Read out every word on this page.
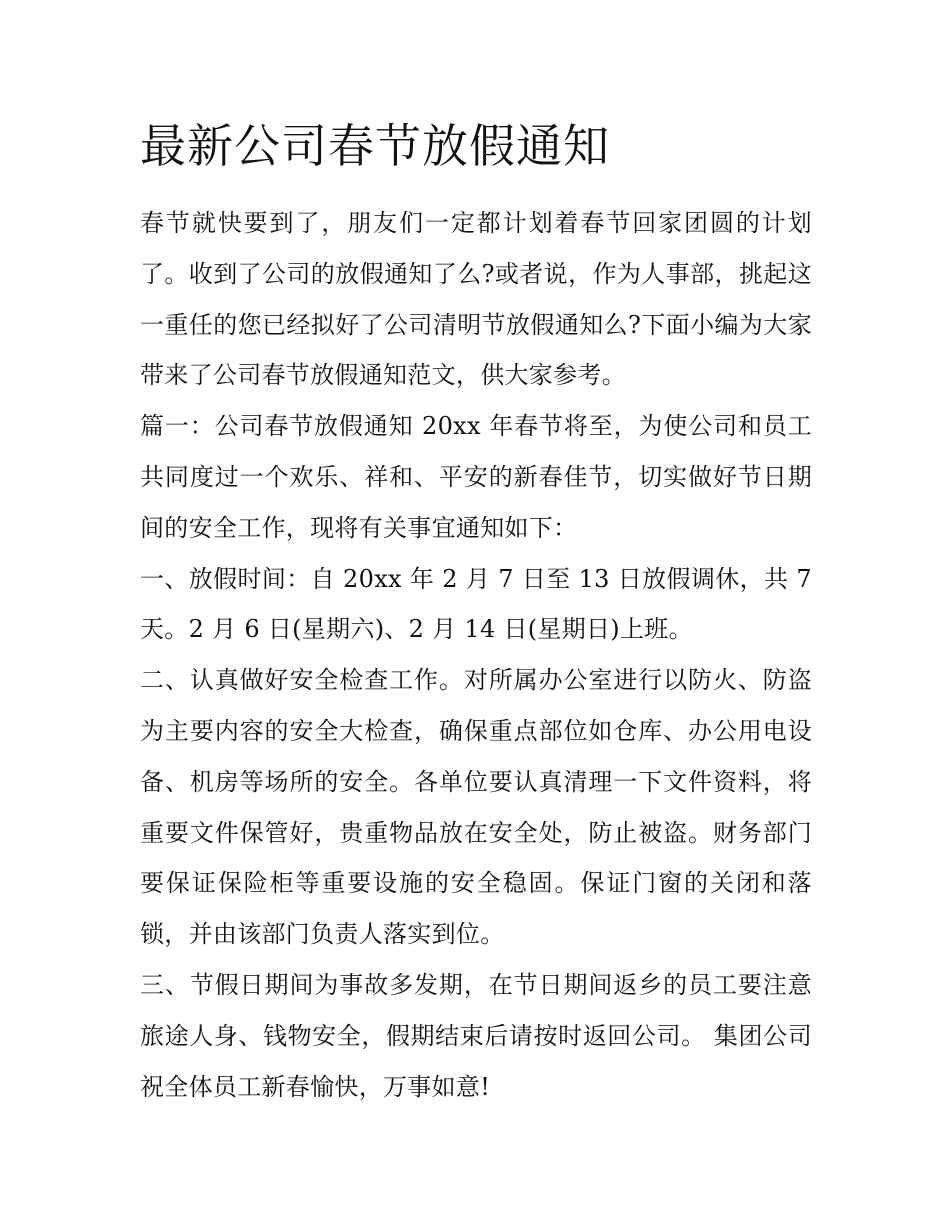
最新公司春节放假通知

春节就快要到了，朋友们一定都计划着春节回家团圆的计划了。收到了公司的放假通知了么?或者说，作为人事部，挑起这一重任的您已经拟好了公司清明节放假通知么?下面小编为大家带来了公司春节放假通知范文，供大家参考。

篇一：公司春节放假通知 20xx 年春节将至，为使公司和员工共同度过一个欢乐、祥和、平安的新春佳节，切实做好节日期间的安全工作，现将有关事宜通知如下：

一、放假时间：自 20xx 年 2 月 7 日至 13 日放假调休，共 7 天。2 月 6 日(星期六)、2 月 14 日(星期日)上班。

二、认真做好安全检查工作。对所属办公室进行以防火、防盗为主要内容的安全大检查，确保重点部位如仓库、办公用电设备、机房等场所的安全。各单位要认真清理一下文件资料，将重要文件保管好，贵重物品放在安全处，防止被盗。财务部门要保证保险柜等重要设施的安全稳固。保证门窗的关闭和落锁，并由该部门负责人落实到位。

三、节假日期间为事故多发期，在节日期间返乡的员工要注意旅途人身、钱物安全，假期结束后请按时返回公司。 集团公司祝全体员工新春愉快，万事如意!
